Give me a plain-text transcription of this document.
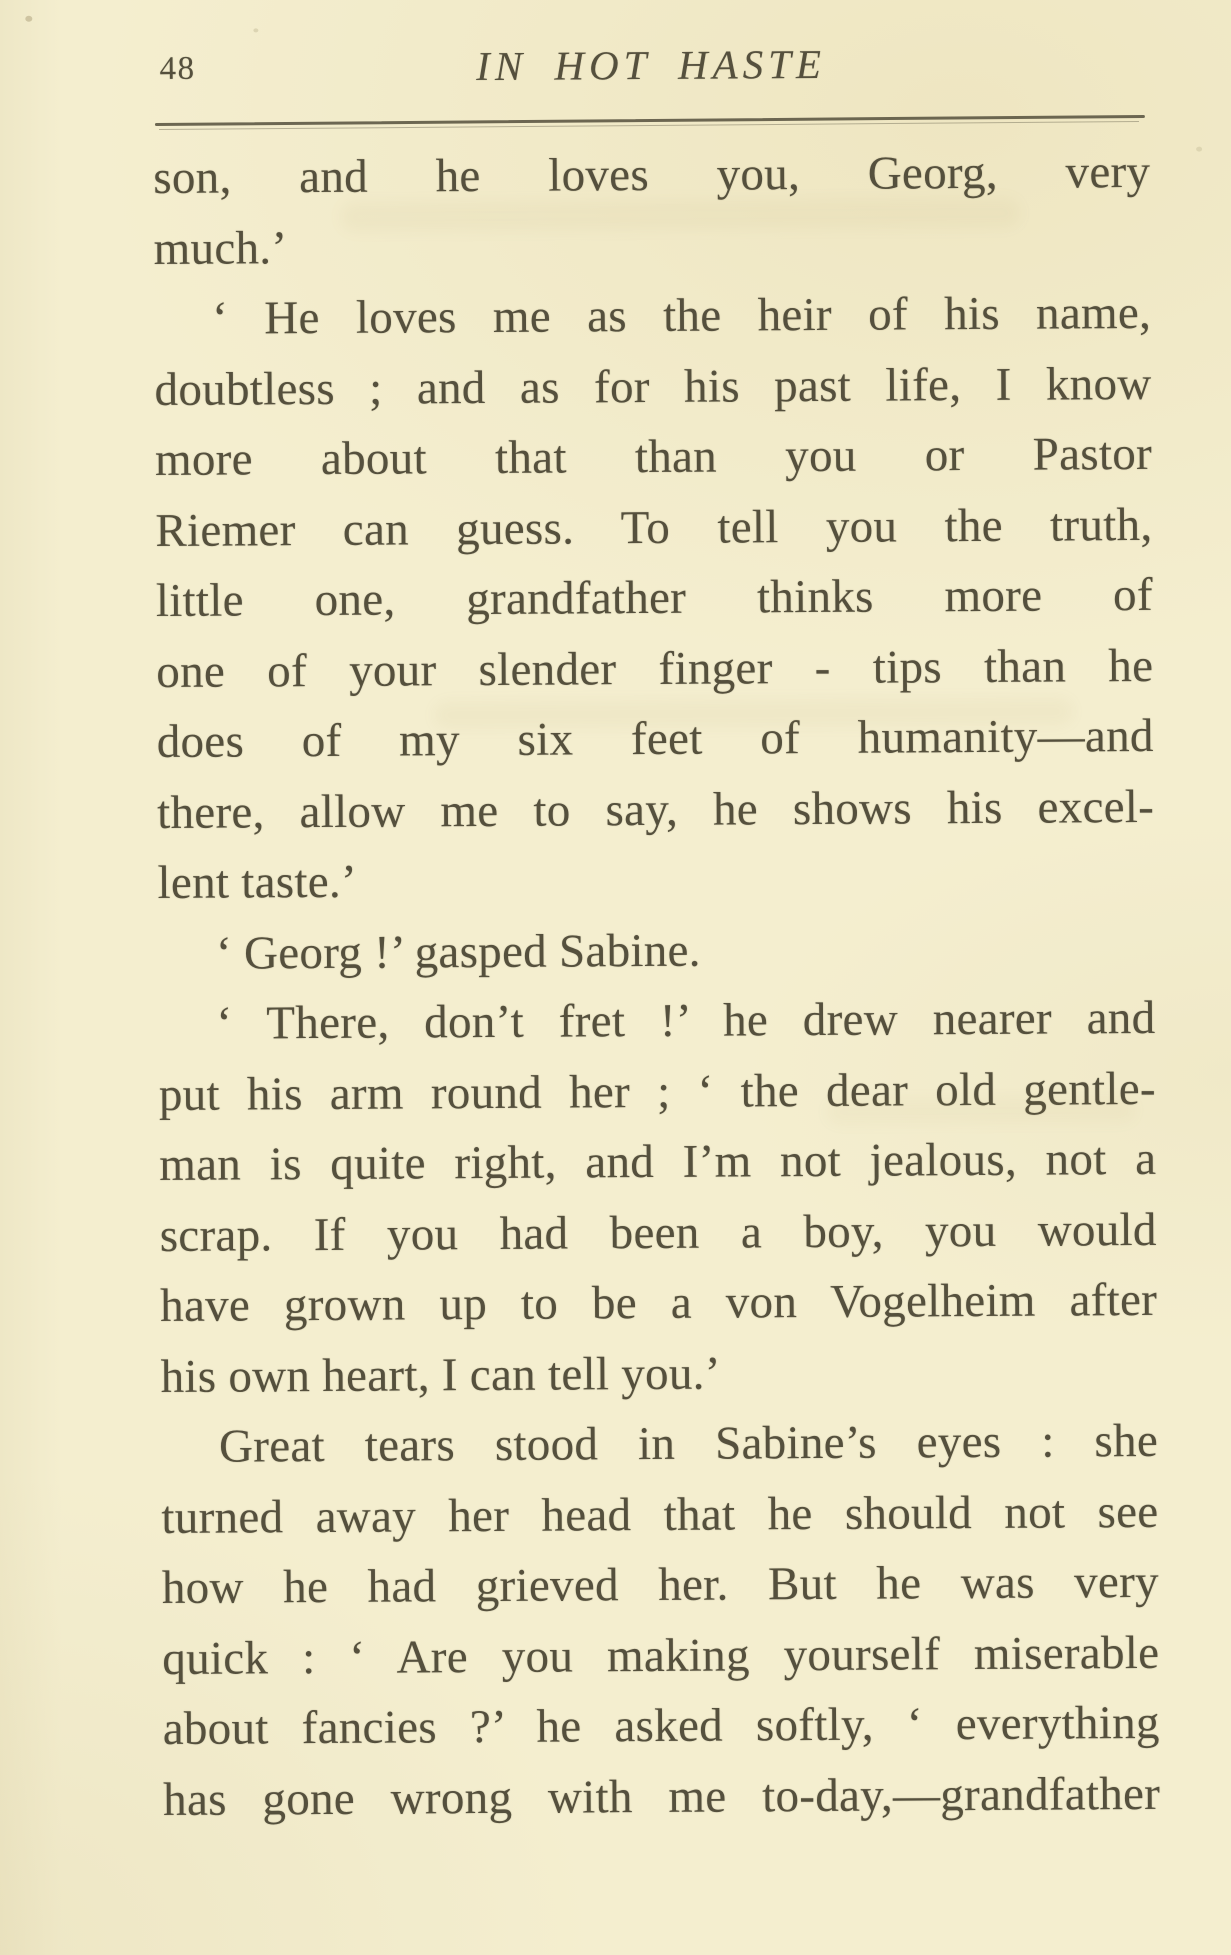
48	IN HOT HASTE
son, and he loves you, Georg, very
much.’
‘ He loves me as the heir of his name,
doubtless ; and as for his past life, I know
more about that than you or Pastor
Riemer can guess. To tell you the truth,
little one, grandfather thinks more of
one of your slender finger - tips than he
does of my six feet of humanity—and
there, allow me to say, he shows his excel-
lent taste.’
‘ Georg !’ gasped Sabine.
‘ There, don’t fret !’ he drew nearer and
put his arm round her ; ‘ the dear old gentle-
man is quite right, and I’m not jealous, not a
scrap. If you had been a boy, you would
have grown up to be a von Vogelheim after
his own heart, I can tell you.’
Great tears stood in Sabine’s eyes : she
turned away her head that he should not see
how he had grieved her. But he was very
quick : ‘ Are you making yourself miserable
about fancies ?’ he asked softly, ‘ everything
has gone wrong with me to-day,—grandfather
